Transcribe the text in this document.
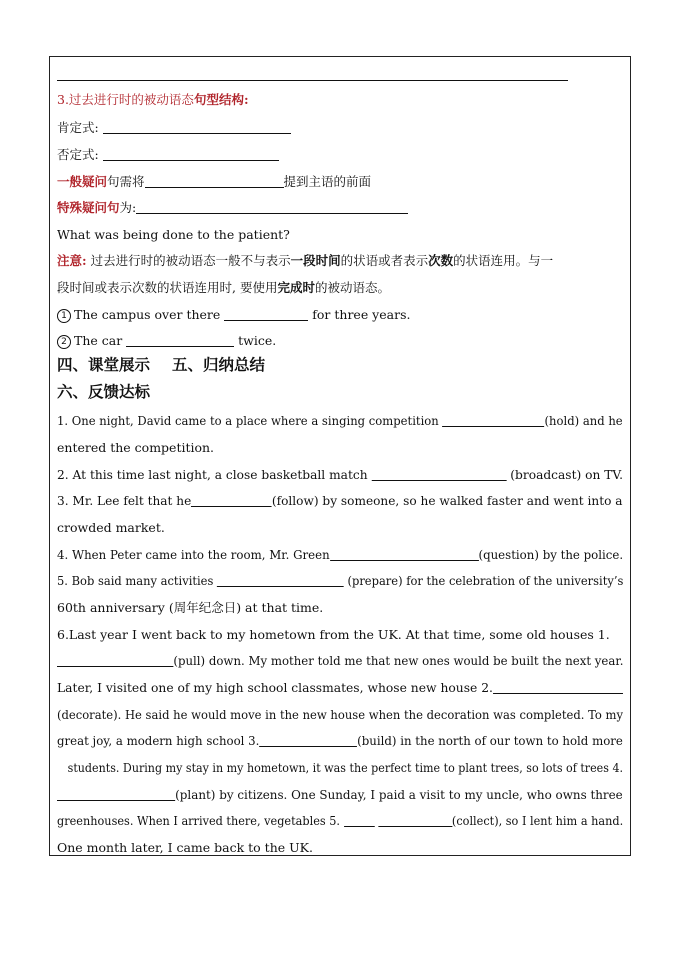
3.过去进行时的被动语态句型结构:
肯定式:
否定式:
一般疑问句需将	提到主语的前面
特殊疑问句为:
What was being done to the patient?
注意: 过去进行时的被动语态一般不与表示一段时间的状语或者表示次数的状语连用。与一
段时间或表示次数的状语连用时, 要使用完成时的被动语态。
1 The campus over there	for three years.
2 The car	twice.
四、课堂展示 五、归纳总结
六、反馈达标
1. One night, David came to a place where a singing competition	(hold) and he
entered the competition.
2. At this time last night, a close basketball match	(broadcast) on TV.
3. Mr. Lee felt that he	(follow) by someone, so he walked faster and went into a
crowded market.
4. When Peter came into the room, Mr. Green	(question) by the police.
5. Bob said many activities	(prepare) for the celebration of the university’s
60th anniversary (周年纪念日) at that time.
6.Last year I went back to my hometown from the UK. At that time, some old houses 1.
(pull) down. My mother told me that new ones would be built the next year.
Later, I visited one of my high school classmates, whose new house 2.
(decorate). He said he would move in the new house when the decoration was completed. To my
great joy, a modern high school 3.	(build) in the north of our town to hold more
students. During my stay in my hometown, it was the perfect time to plant trees, so lots of trees 4.
(plant) by citizens. One Sunday, I paid a visit to my uncle, who owns three
greenhouses. When I arrived there, vegetables 5.	(collect), so I lent him a hand.
One month later, I came back to the UK.
